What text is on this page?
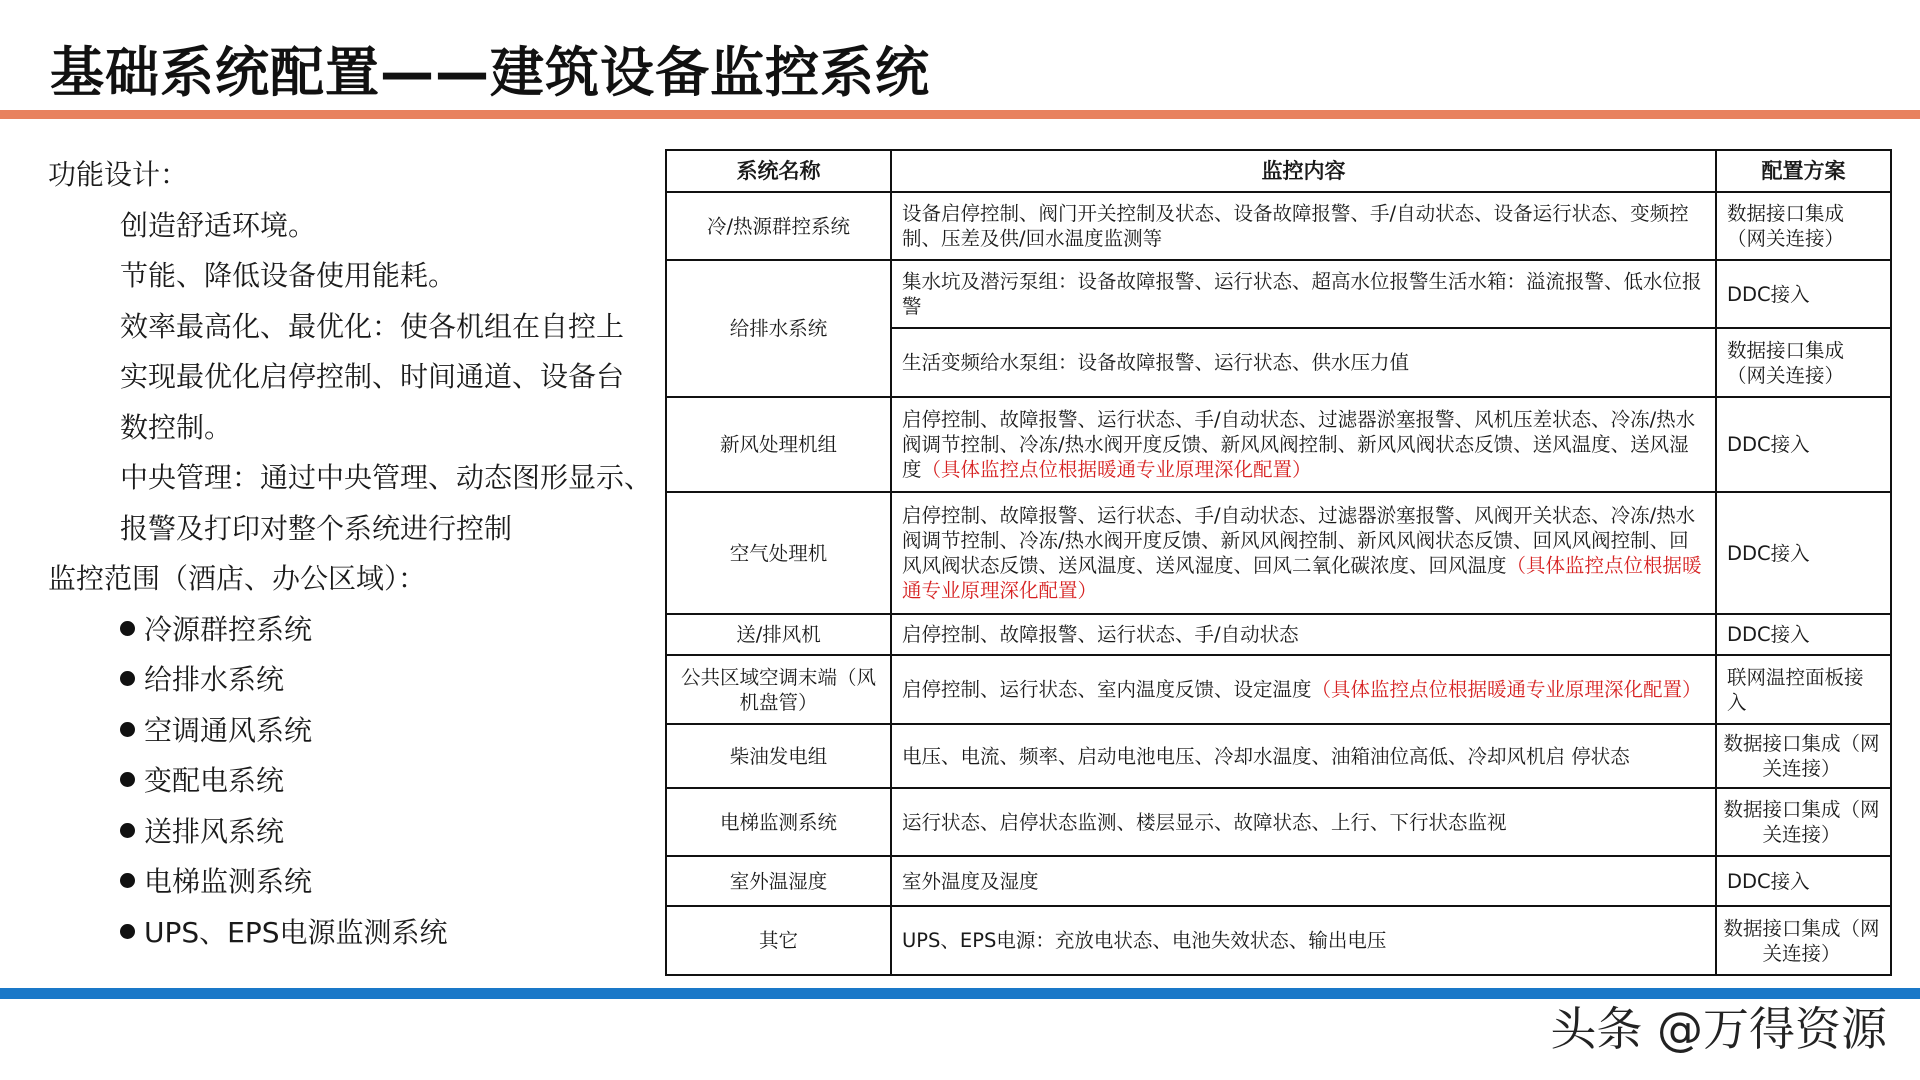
基础系统配置——建筑设备监控系统
功能设计：
创造舒适环境。
节能、降低设备使用能耗。
效率最高化、最优化：使各机组在自控上
实现最优化启停控制、时间通道、设备台
数控制。
中央管理：通过中央管理、动态图形显示、
报警及打印对整个系统进行控制
监控范围（酒店、办公区域）：
冷源群控系统
给排水系统
空调通风系统
变配电系统
送排风系统
电梯监测系统
UPS、EPS电源监测系统
系统名称	监控内容	配置方案
冷/热源群控系统	设备启停控制、阀门开关控制及状态、设备故障报警、手/自动状态、设备运行状态、变频控制、压差及供/回水温度监测等	数据接口集成（网关连接）
给排水系统	集水坑及潜污泵组：设备故障报警、运行状态、超高水位报警生活水箱：溢流报警、低水位报警	DDC接入
	生活变频给水泵组：设备故障报警、运行状态、供水压力值	数据接口集成（网关连接）
新风处理机组	启停控制、故障报警、运行状态、手/自动状态、过滤器淤塞报警、风机压差状态、冷冻/热水阀调节控制、冷冻/热水阀开度反馈、新风风阀控制、新风风阀状态反馈、送风温度、送风湿度（具体监控点位根据暖通专业原理深化配置）	DDC接入
空气处理机	启停控制、故障报警、运行状态、手/自动状态、过滤器淤塞报警、风阀开关状态、冷冻/热水阀调节控制、冷冻/热水阀开度反馈、新风风阀控制、新风风阀状态反馈、回风风阀控制、回风风阀状态反馈、送风温度、送风湿度、回风二氧化碳浓度、回风温度（具体监控点位根据暖通专业原理深化配置）	DDC接入
送/排风机	启停控制、故障报警、运行状态、手/自动状态	DDC接入
公共区域空调末端（风机盘管）	启停控制、运行状态、室内温度反馈、设定温度（具体监控点位根据暖通专业原理深化配置）	联网温控面板接入
柴油发电组	电压、电流、频率、启动电池电压、冷却水温度、油箱油位高低、冷却风机启 停状态	数据接口集成（网关连接）
电梯监测系统	运行状态、启停状态监测、楼层显示、故障状态、上行、下行状态监视	数据接口集成（网关连接）
室外温湿度	室外温度及湿度	DDC接入
其它	UPS、EPS电源：充放电状态、电池失效状态、输出电压	数据接口集成（网关连接）
头条 @万得资源
